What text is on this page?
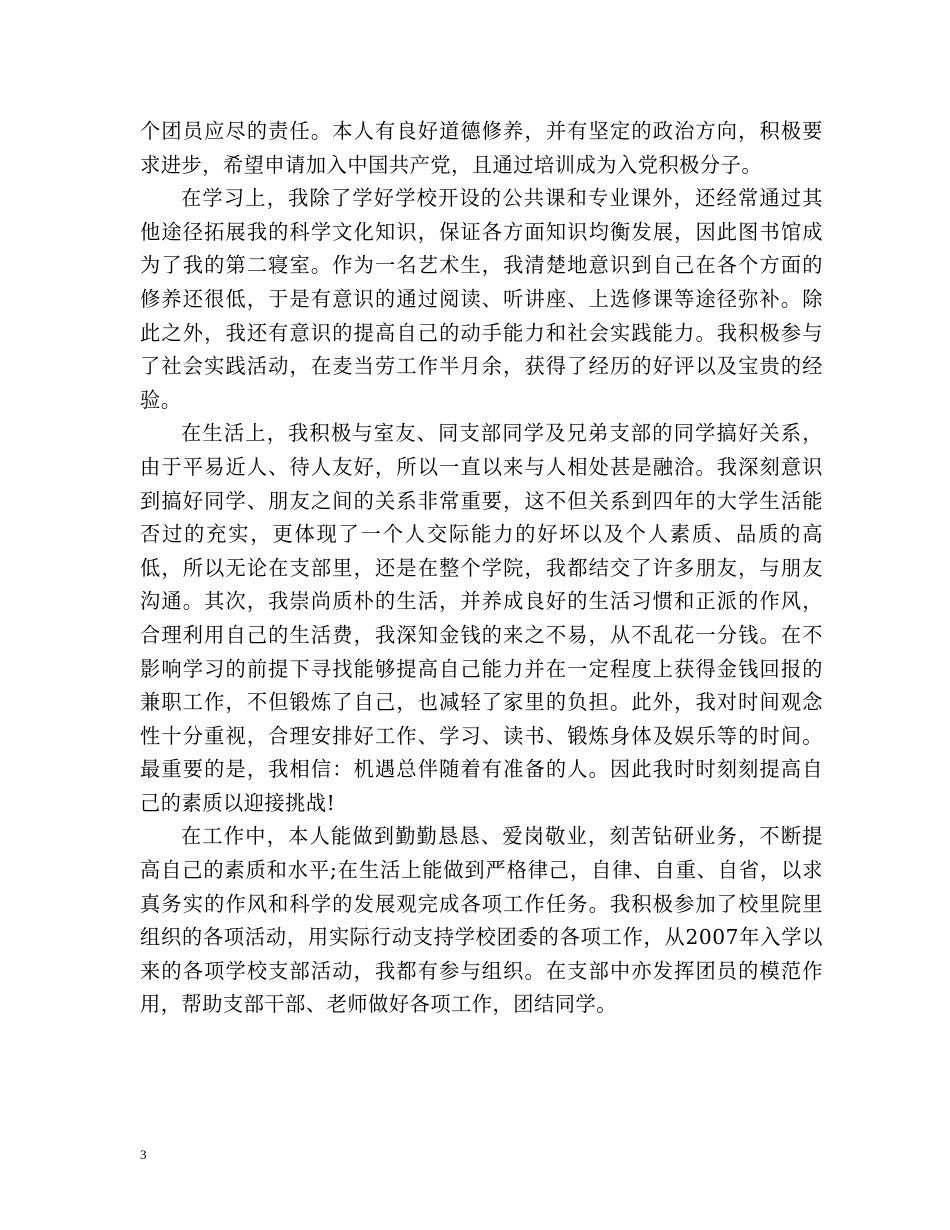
个团员应尽的责任。本人有良好道德修养，并有坚定的政治方向，积极要求进步，希望申请加入中国共产党，且通过培训成为入党积极分子。

在学习上，我除了学好学校开设的公共课和专业课外，还经常通过其他途径拓展我的科学文化知识，保证各方面知识均衡发展，因此图书馆成为了我的第二寝室。作为一名艺术生，我清楚地意识到自己在各个方面的修养还很低，于是有意识的通过阅读、听讲座、上选修课等途径弥补。除此之外，我还有意识的提高自己的动手能力和社会实践能力。我积极参与了社会实践活动，在麦当劳工作半月余，获得了经历的好评以及宝贵的经验。

在生活上，我积极与室友、同支部同学及兄弟支部的同学搞好关系，由于平易近人、待人友好，所以一直以来与人相处甚是融洽。我深刻意识到搞好同学、朋友之间的关系非常重要，这不但关系到四年的大学生活能否过的充实，更体现了一个人交际能力的好坏以及个人素质、品质的高低，所以无论在支部里，还是在整个学院，我都结交了许多朋友，与朋友沟通。其次，我崇尚质朴的生活，并养成良好的生活习惯和正派的作风，合理利用自己的生活费，我深知金钱的来之不易，从不乱花一分钱。在不影响学习的前提下寻找能够提高自己能力并在一定程度上获得金钱回报的兼职工作，不但锻炼了自己，也减轻了家里的负担。此外，我对时间观念性十分重视，合理安排好工作、学习、读书、锻炼身体及娱乐等的时间。最重要的是，我相信：机遇总伴随着有准备的人。因此我时时刻刻提高自己的素质以迎接挑战!

在工作中，本人能做到勤勤恳恳、爱岗敬业，刻苦钻研业务，不断提高自己的素质和水平;在生活上能做到严格律己，自律、自重、自省，以求真务实的作风和科学的发展观完成各项工作任务。我积极参加了校里院里组织的各项活动，用实际行动支持学校团委的各项工作，从2007年入学以来的各项学校支部活动，我都有参与组织。在支部中亦发挥团员的模范作用，帮助支部干部、老师做好各项工作，团结同学。

3
